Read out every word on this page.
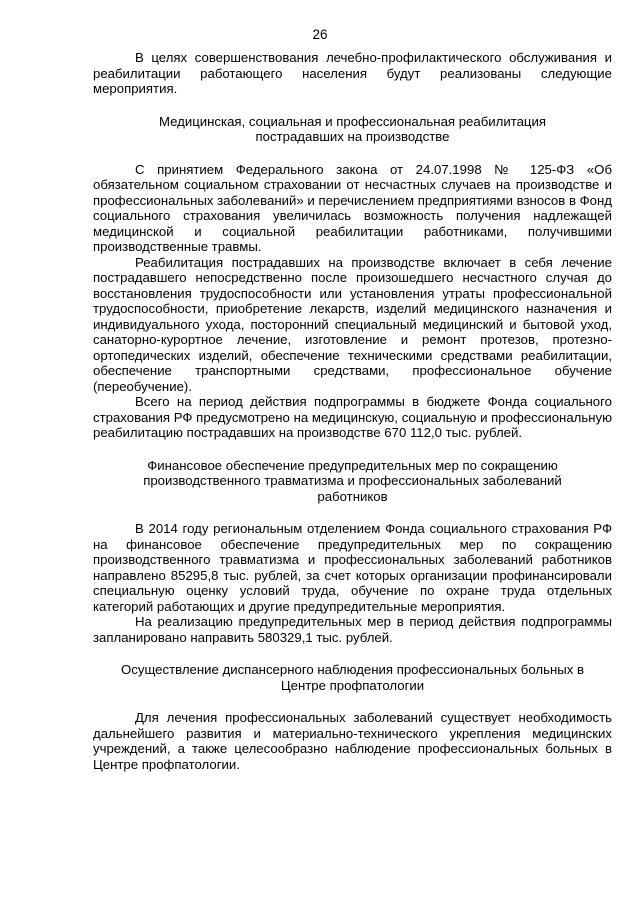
26

В целях совершенствования лечебно-профилактического обслуживания и реабилитации работающего населения будут реализованы следующие мероприятия.

Медицинская, социальная и профессиональная реабилитация пострадавших на производстве

С принятием Федерального закона от 24.07.1998 № 125-ФЗ «Об обязательном социальном страховании от несчастных случаев на производстве и профессиональных заболеваний» и перечислением предприятиями взносов в Фонд социального страхования увеличилась возможность получения надлежащей медицинской и социальной реабилитации работниками, получившими производственные травмы.

Реабилитация пострадавших на производстве включает в себя лечение пострадавшего непосредственно после произошедшего несчастного случая до восстановления трудоспособности или установления утраты профессиональной трудоспособности, приобретение лекарств, изделий медицинского назначения и индивидуального ухода, посторонний специальный медицинский и бытовой уход, санаторно-курортное лечение, изготовление и ремонт протезов, протезно-ортопедических изделий, обеспечение техническими средствами реабилитации, обеспечение транспортными средствами, профессиональное обучение (переобучение).

Всего на период действия подпрограммы в бюджете Фонда социального страхования РФ предусмотрено на медицинскую, социальную и профессиональную реабилитацию пострадавших на производстве 670 112,0 тыс. рублей.

Финансовое обеспечение предупредительных мер по сокращению производственного травматизма и профессиональных заболеваний работников

В 2014 году региональным отделением Фонда социального страхования РФ на финансовое обеспечение предупредительных мер по сокращению производственного травматизма и профессиональных заболеваний работников направлено 85295,8 тыс. рублей, за счет которых организации профинансировали специальную оценку условий труда, обучение по охране труда отдельных категорий работающих и другие предупредительные мероприятия.

На реализацию предупредительных мер в период действия подпрограммы запланировано направить 580329,1 тыс. рублей.

Осуществление диспансерного наблюдения профессиональных больных в Центре профпатологии

Для лечения профессиональных заболеваний существует необходимость дальнейшего развития и материально-технического укрепления медицинских учреждений, а также целесообразно наблюдение профессиональных больных в Центре профпатологии.
